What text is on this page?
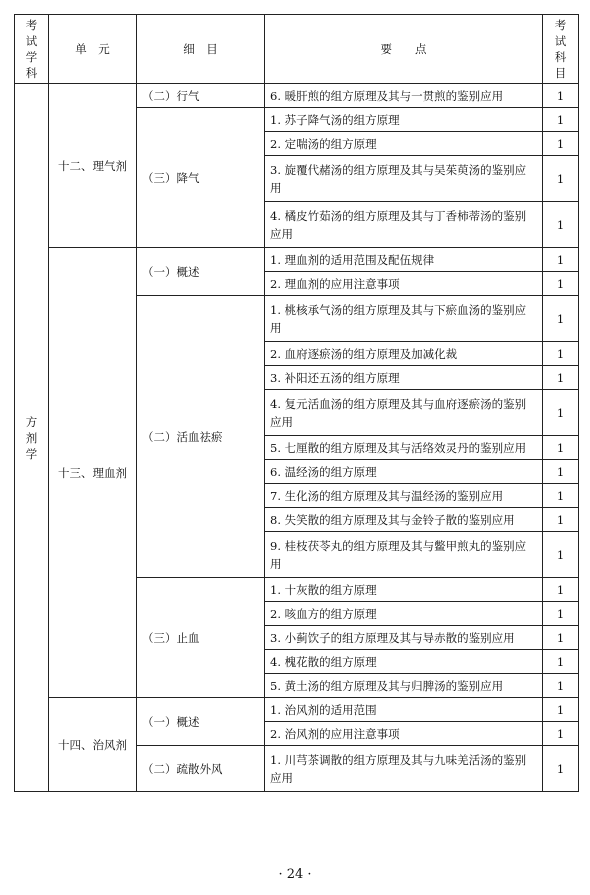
考试学科	单　元	细　目	要　　点	考试科目
方剂学	十二、理气剂	（二）行气	6. 暖肝煎的组方原理及其与一贯煎的鉴别应用	1
		（三）降气	1. 苏子降气汤的组方原理	1
			2. 定喘汤的组方原理	1
			3. 旋覆代赭汤的组方原理及其与吴茱萸汤的鉴别应用	1
			4. 橘皮竹茹汤的组方原理及其与丁香柿蒂汤的鉴别应用	1
	十三、理血剂	（一）概述	1. 理血剂的适用范围及配伍规律	1
			2. 理血剂的应用注意事项	1
		（二）活血祛瘀	1. 桃核承气汤的组方原理及其与下瘀血汤的鉴别应用	1
			2. 血府逐瘀汤的组方原理及加减化裁	1
			3. 补阳还五汤的组方原理	1
			4. 复元活血汤的组方原理及其与血府逐瘀汤的鉴别应用	1
			5. 七厘散的组方原理及其与活络效灵丹的鉴别应用	1
			6. 温经汤的组方原理	1
			7. 生化汤的组方原理及其与温经汤的鉴别应用	1
			8. 失笑散的组方原理及其与金铃子散的鉴别应用	1
			9. 桂枝茯苓丸的组方原理及其与鳖甲煎丸的鉴别应用	1
		（三）止血	1. 十灰散的组方原理	1
			2. 咳血方的组方原理	1
			3. 小蓟饮子的组方原理及其与导赤散的鉴别应用	1
			4. 槐花散的组方原理	1
			5. 黄土汤的组方原理及其与归脾汤的鉴别应用	1
	十四、治风剂	（一）概述	1. 治风剂的适用范围	1
			2. 治风剂的应用注意事项	1
		（二）疏散外风	1. 川芎茶调散的组方原理及其与九味羌活汤的鉴别应用	1
· 24 ·
